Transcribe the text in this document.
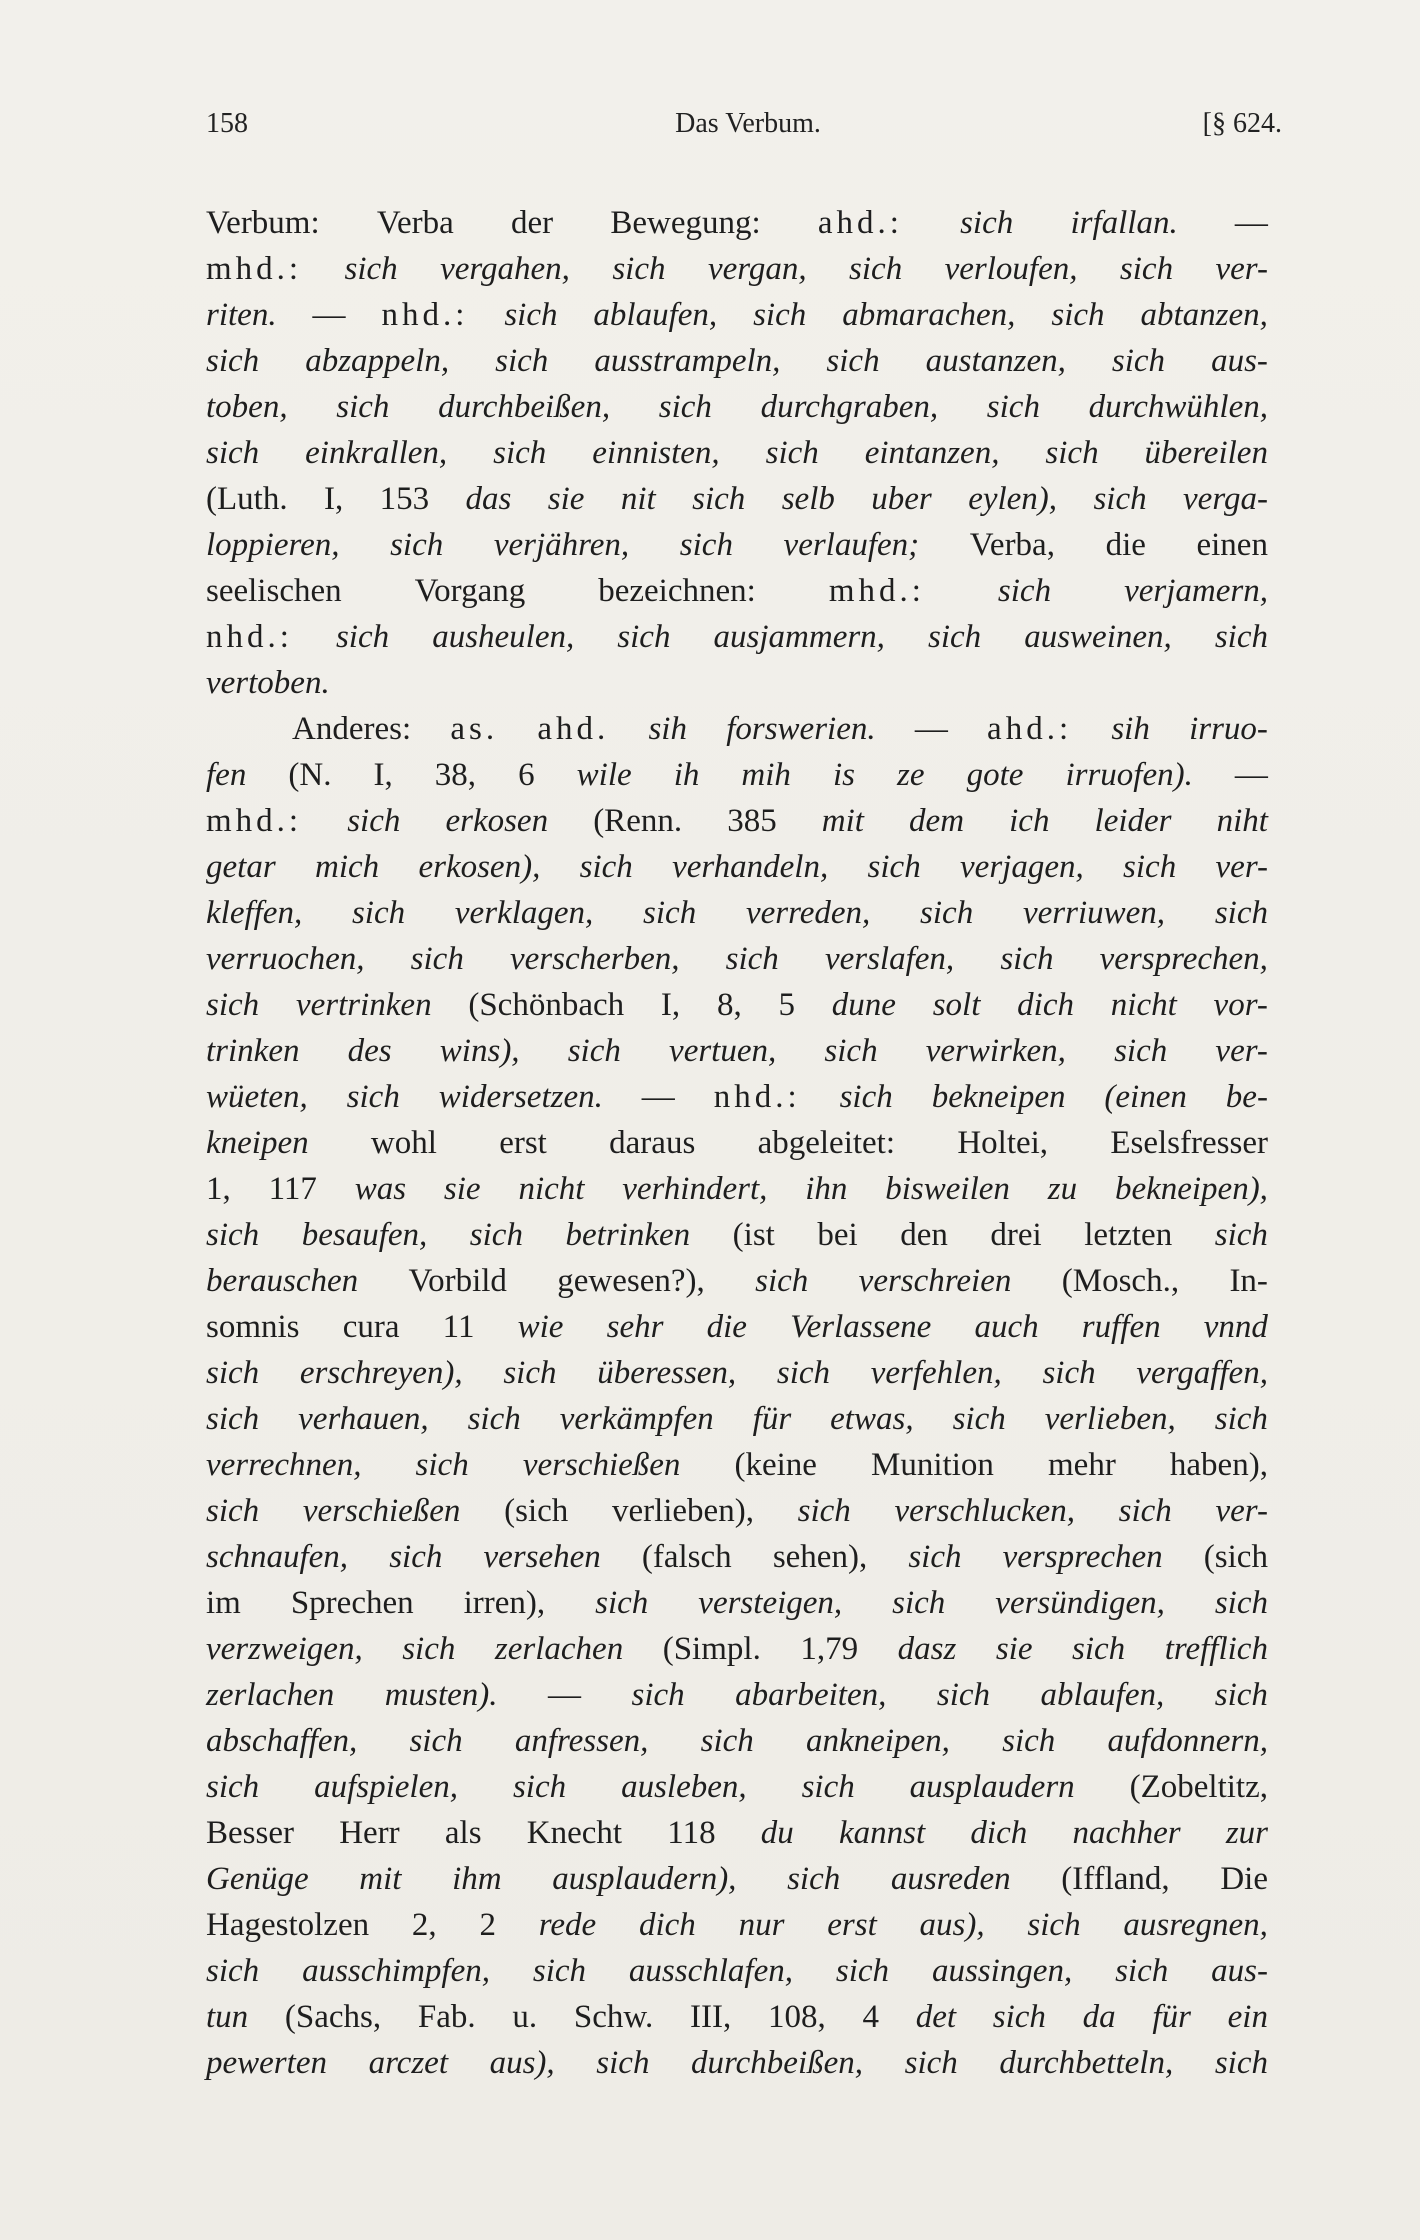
158	Das Verbum.	[§ 624.
Verbum: Verba der Bewegung: ahd.: sich irfallan. —
mhd.: sich vergahen, sich vergan, sich verloufen, sich ver-
riten. — nhd.: sich ablaufen, sich abmarachen, sich abtanzen,
sich abzappeln, sich ausstrampeln, sich austanzen, sich aus-
toben, sich durchbeißen, sich durchgraben, sich durchwühlen,
sich einkrallen, sich einnisten, sich eintanzen, sich übereilen
(Luth. I, 153 das sie nit sich selb uber eylen), sich verga-
loppieren, sich verjähren, sich verlaufen; Verba, die einen
seelischen Vorgang bezeichnen: mhd.: sich verjamern,
nhd.: sich ausheulen, sich ausjammern, sich ausweinen, sich
vertoben.
Anderes: as. ahd. sih forswerien. — ahd.: sih irruo-
fen (N. I, 38, 6 wile ih mih is ze gote irruofen). —
mhd.: sich erkosen (Renn. 385 mit dem ich leider niht
getar mich erkosen), sich verhandeln, sich verjagen, sich ver-
kleffen, sich verklagen, sich verreden, sich verriuwen, sich
verruochen, sich verscherben, sich verslafen, sich versprechen,
sich vertrinken (Schönbach I, 8, 5 dune solt dich nicht vor-
trinken des wins), sich vertuen, sich verwirken, sich ver-
wüeten, sich widersetzen. — nhd.: sich bekneipen (einen be-
kneipen wohl erst daraus abgeleitet: Holtei, Eselsfresser
1, 117 was sie nicht verhindert, ihn bisweilen zu bekneipen),
sich besaufen, sich betrinken (ist bei den drei letzten sich
berauschen Vorbild gewesen?), sich verschreien (Mosch., In-
somnis cura 11 wie sehr die Verlassene auch ruffen vnnd
sich erschreyen), sich überessen, sich verfehlen, sich vergaffen,
sich verhauen, sich verkämpfen für etwas, sich verlieben, sich
verrechnen, sich verschießen (keine Munition mehr haben),
sich verschießen (sich verlieben), sich verschlucken, sich ver-
schnaufen, sich versehen (falsch sehen), sich versprechen (sich
im Sprechen irren), sich versteigen, sich versündigen, sich
verzweigen, sich zerlachen (Simpl. 1,79 dasz sie sich trefflich
zerlachen musten). — sich abarbeiten, sich ablaufen, sich
abschaffen, sich anfressen, sich ankneipen, sich aufdonnern,
sich aufspielen, sich ausleben, sich ausplaudern (Zobeltitz,
Besser Herr als Knecht 118 du kannst dich nachher zur
Genüge mit ihm ausplaudern), sich ausreden (Iffland, Die
Hagestolzen 2, 2 rede dich nur erst aus), sich ausregnen,
sich ausschimpfen, sich ausschlafen, sich aussingen, sich aus-
tun (Sachs, Fab. u. Schw. III, 108, 4 det sich da für ein
pewerten arczet aus), sich durchbeißen, sich durchbetteln, sich
